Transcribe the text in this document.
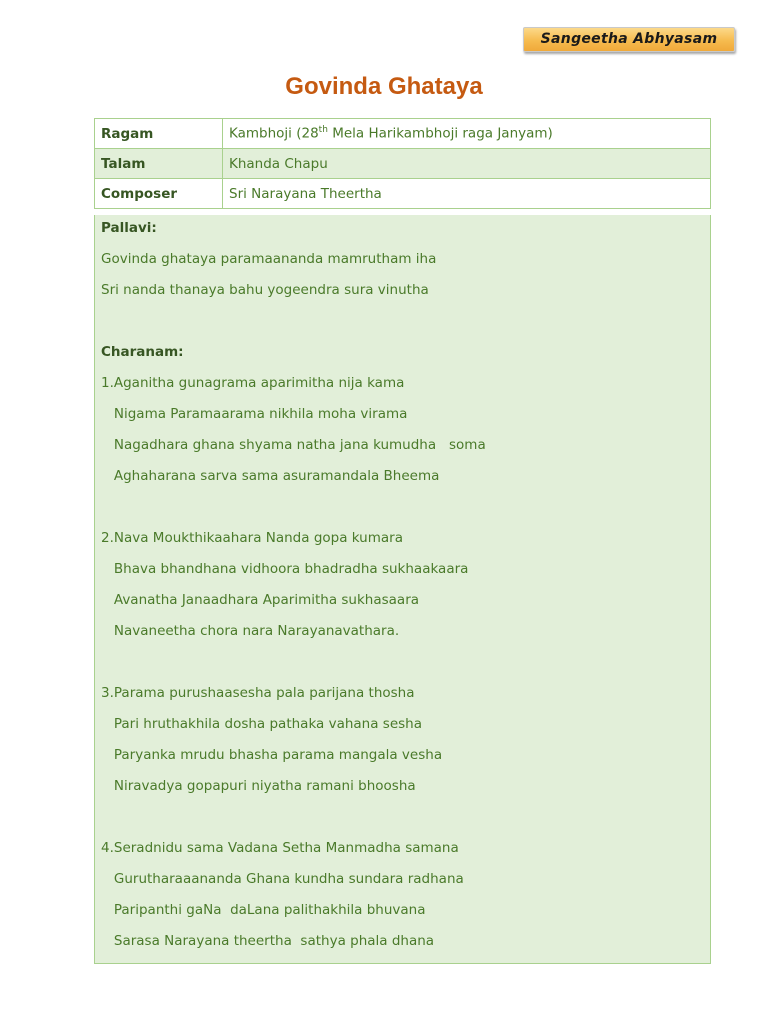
Sangeetha Abhyasam
Govinda Ghataya
Ragam	Kambhoji (28th Mela Harikambhoji raga Janyam)
Talam	Khanda Chapu
Composer	Sri Narayana Theertha
Pallavi:
Govinda ghataya paramaananda mamrutham iha
Sri nanda thanaya bahu yogeendra sura vinutha
Charanam:
1.Aganitha gunagrama aparimitha nija kama
Nigama Paramaarama nikhila moha virama
Nagadhara ghana shyama natha jana kumudha   soma
Aghaharana sarva sama asuramandala Bheema
2.Nava Moukthikaahara Nanda gopa kumara
Bhava bhandhana vidhoora bhadradha sukhaakaara
Avanatha Janaadhara Aparimitha sukhasaara
Navaneetha chora nara Narayanavathara.
3.Parama purushaasesha pala parijana thosha
Pari hruthakhila dosha pathaka vahana sesha
Paryanka mrudu bhasha parama mangala vesha
Niravadya gopapuri niyatha ramani bhoosha
4.Seradnidu sama Vadana Setha Manmadha samana
Gurutharaаananda Ghana kundha sundara radhana
Paripanthi gaNa  daLana palithakhila bhuvana
Sarasa Narayana theertha  sathya phala dhana
